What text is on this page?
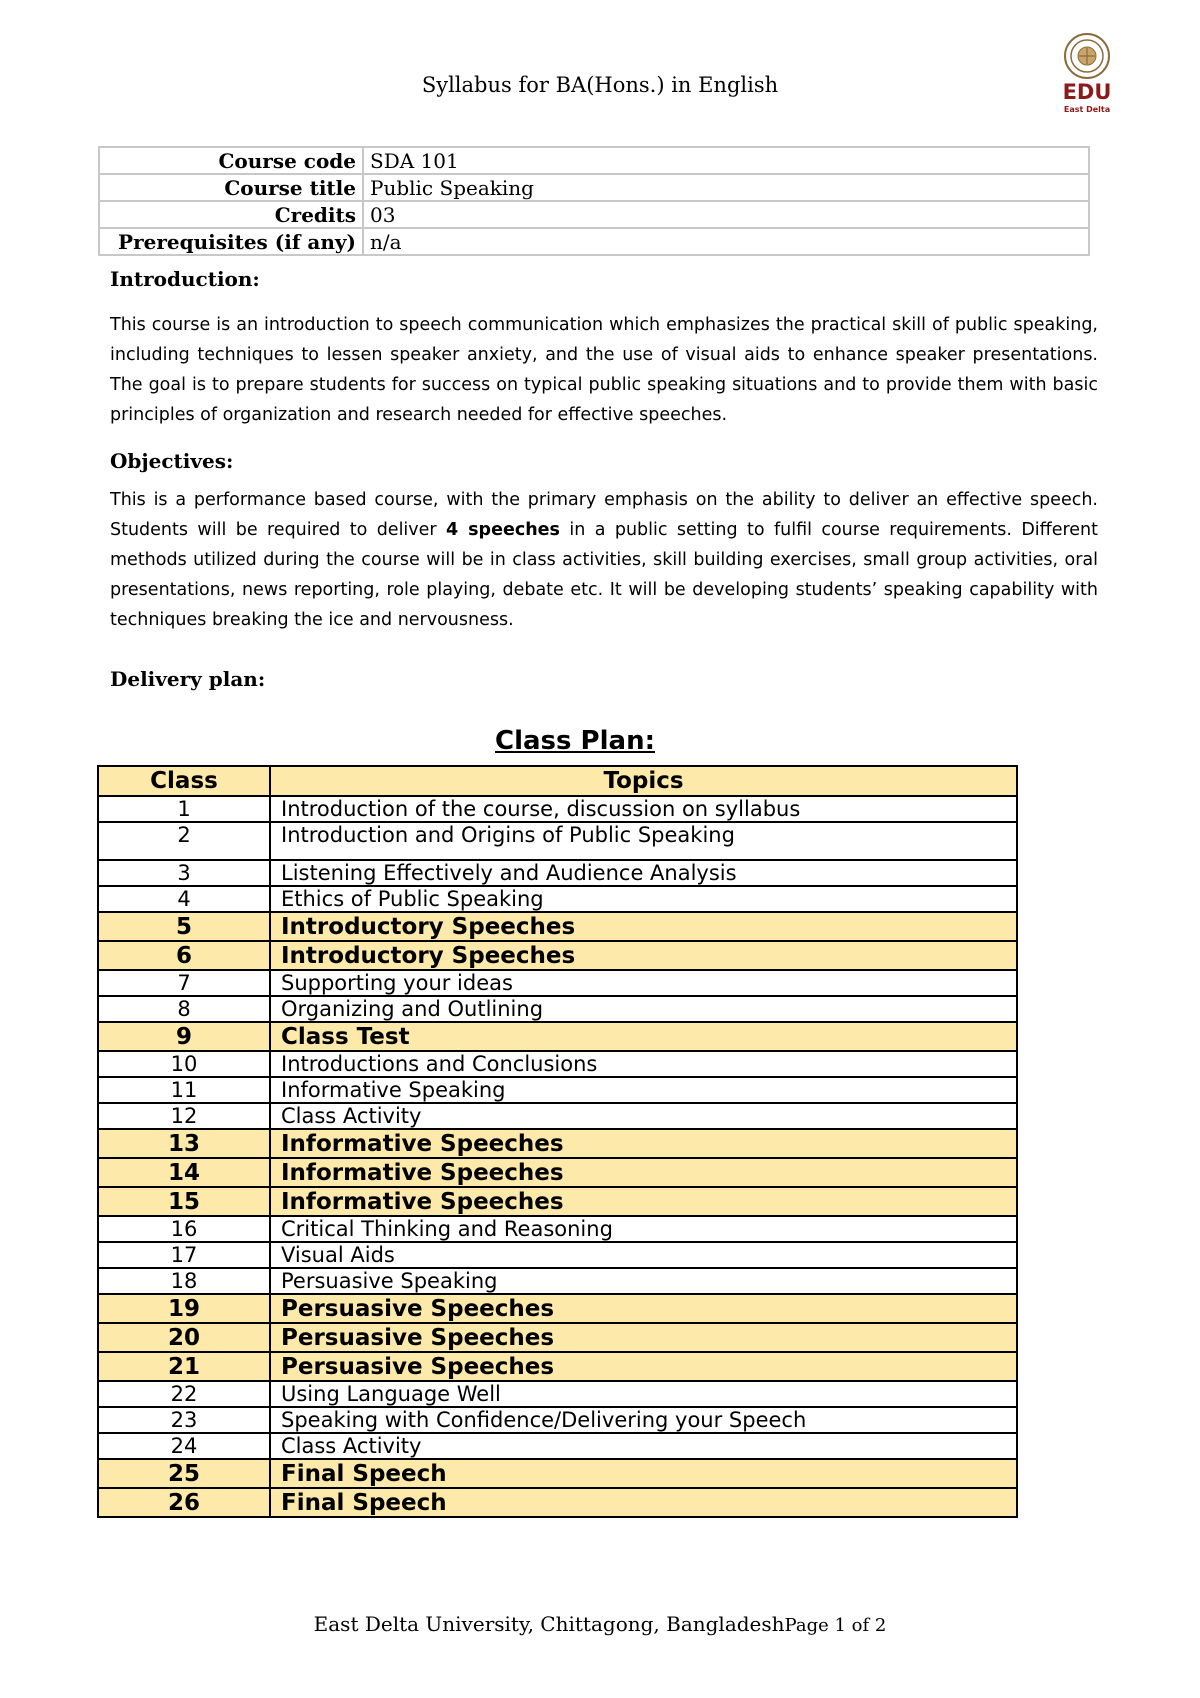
Syllabus for BA(Hons.) in English	EDU
East Delta
Course code	SDA 101
Course title	Public Speaking
Credits	03
Prerequisites (if any)	n/a
Introduction:

This course is an introduction to speech communication which emphasizes the practical skill of public speaking, including techniques to lessen speaker anxiety, and the use of visual aids to enhance speaker presentations. The goal is to prepare students for success on typical public speaking situations and to provide them with basic principles of organization and research needed for effective speeches.

Objectives:

This is a performance based course, with the primary emphasis on the ability to deliver an effective speech. Students will be required to deliver 4 speeches in a public setting to fulfil course requirements. Different methods utilized during the course will be in class activities, skill building exercises, small group activities, oral presentations, news reporting, role playing, debate etc. It will be developing students’ speaking capability with techniques breaking the ice and nervousness.

Delivery plan:
Class Plan:
Class	Topics
1	Introduction of the course, discussion on syllabus
2	Introduction and Origins of Public Speaking
3	Listening Effectively and Audience Analysis
4	Ethics of Public Speaking
5	Introductory Speeches
6	Introductory Speeches
7	Supporting your ideas
8	Organizing and Outlining
9	Class Test
10	Introductions and Conclusions
11	Informative Speaking
12	Class Activity
13	Informative Speeches
14	Informative Speeches
15	Informative Speeches
16	Critical Thinking and Reasoning
17	Visual Aids
18	Persuasive Speaking
19	Persuasive Speeches
20	Persuasive Speeches
21	Persuasive Speeches
22	Using Language Well
23	Speaking with Confidence/Delivering your Speech
24	Class Activity
25	Final Speech
26	Final Speech
East Delta University, Chittagong, BangladeshPage 1 of 2
